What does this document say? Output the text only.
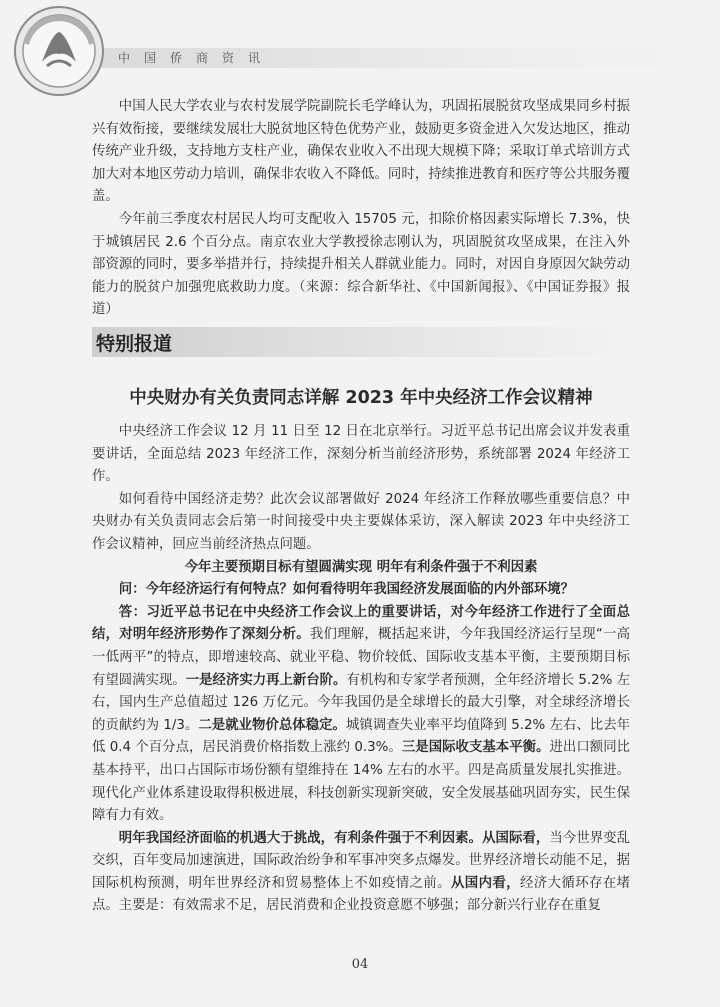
中国侨商资讯

中国人民大学农业与农村发展学院副院长毛学峰认为，巩固拓展脱贫攻坚成果同乡村振兴有效衔接，要继续发展壮大脱贫地区特色优势产业，鼓励更多资金进入欠发达地区，推动传统产业升级，支持地方支柱产业，确保农业收入不出现大规模下降；采取订单式培训方式加大对本地区劳动力培训，确保非农收入不降低。同时，持续推进教育和医疗等公共服务覆盖。

今年前三季度农村居民人均可支配收入 15705 元，扣除价格因素实际增长 7.3%，快于城镇居民 2.6 个百分点。南京农业大学教授徐志刚认为，巩固脱贫攻坚成果，在注入外部资源的同时，要多举措并行，持续提升相关人群就业能力。同时，对因自身原因欠缺劳动能力的脱贫户加强兜底救助力度。（来源：综合新华社、《中国新闻报》、《中国证券报》报道）

特别报道
中央财办有关负责同志详解 2023 年中央经济工作会议精神

中央经济工作会议 12 月 11 日至 12 日在北京举行。习近平总书记出席会议并发表重要讲话，全面总结 2023 年经济工作，深刻分析当前经济形势，系统部署 2024 年经济工作。

如何看待中国经济走势？此次会议部署做好 2024 年经济工作释放哪些重要信息？中央财办有关负责同志会后第一时间接受中央主要媒体采访，深入解读 2023 年中央经济工作会议精神，回应当前经济热点问题。

今年主要预期目标有望圆满实现 明年有利条件强于不利因素

问：今年经济运行有何特点？如何看待明年我国经济发展面临的内外部环境？

答：习近平总书记在中央经济工作会议上的重要讲话，对今年经济工作进行了全面总结，对明年经济形势作了深刻分析。我们理解，概括起来讲，今年我国经济运行呈现“一高一低两平”的特点，即增速较高、就业平稳、物价较低、国际收支基本平衡，主要预期目标有望圆满实现。一是经济实力再上新台阶。有机构和专家学者预测，全年经济增长 5.2% 左右，国内生产总值超过 126 万亿元。今年我国仍是全球增长的最大引擎，对全球经济增长的贡献约为 1/3。二是就业物价总体稳定。城镇调查失业率平均值降到 5.2% 左右、比去年低 0.4 个百分点，居民消费价格指数上涨约 0.3%。三是国际收支基本平衡。进出口额同比基本持平，出口占国际市场份额有望维持在 14% 左右的水平。四是高质量发展扎实推进。现代化产业体系建设取得积极进展，科技创新实现新突破，安全发展基础巩固夯实，民生保障有力有效。

明年我国经济面临的机遇大于挑战，有利条件强于不利因素。从国际看，当今世界变乱交织，百年变局加速演进，国际政治纷争和军事冲突多点爆发。世界经济增长动能不足，据国际机构预测，明年世界经济和贸易整体上不如疫情之前。从国内看，经济大循环存在堵点。主要是：有效需求不足，居民消费和企业投资意愿不够强；部分新兴行业存在重复

04
